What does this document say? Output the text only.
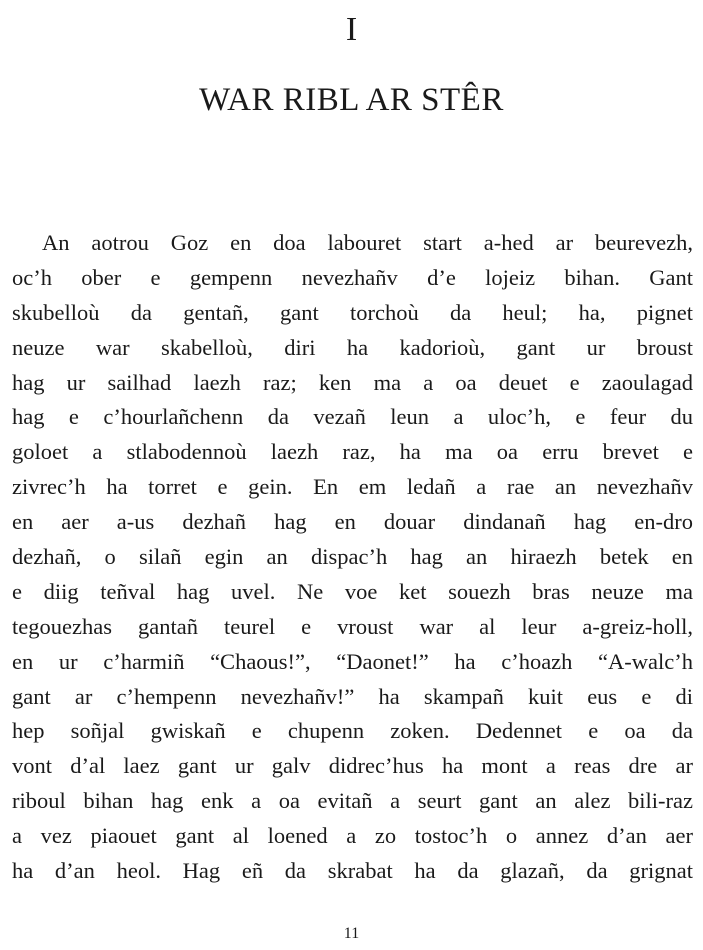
I
WAR RIBL AR STÊR
An aotrou Goz en doa labouret start a-hed ar beurevezh,
oc’h ober e gempenn nevezhañv d’e lojeiz bihan. Gant
skubelloù da gentañ, gant torchoù da heul; ha, pignet
neuze war skabelloù, diri ha kadorioù, gant ur broust
hag ur sailhad laezh raz; ken ma a oa deuet e zaoulagad
hag e c’hourlañchenn da vezañ leun a uloc’h, e feur du
goloet a stlabodennoù laezh raz, ha ma oa erru brevet e
zivrec’h ha torret e gein. En em ledañ a rae an nevezhañv
en aer a-us dezhañ hag en douar dindanañ hag en-dro
dezhañ, o silañ egin an dispac’h hag an hiraezh betek en
e diig teñval hag uvel. Ne voe ket souezh bras neuze ma
tegouezhas gantañ teurel e vroust war al leur a-greiz-holl,
en ur c’harmiñ “Chaous!”, “Daonet!” ha c’hoazh “A-walc’h
gant ar c’hempenn nevezhañv!” ha skampañ kuit eus e di
hep soñjal gwiskañ e chupenn zoken. Dedennet e oa da
vont d’al laez gant ur galv didrec’hus ha mont a reas dre ar
riboul bihan hag enk a oa evitañ a seurt gant an alez bili-raz
a vez piaouet gant al loened a zo tostoc’h o annez d’an aer
ha d’an heol. Hag eñ da skrabat ha da glazañ, da grignat
11
